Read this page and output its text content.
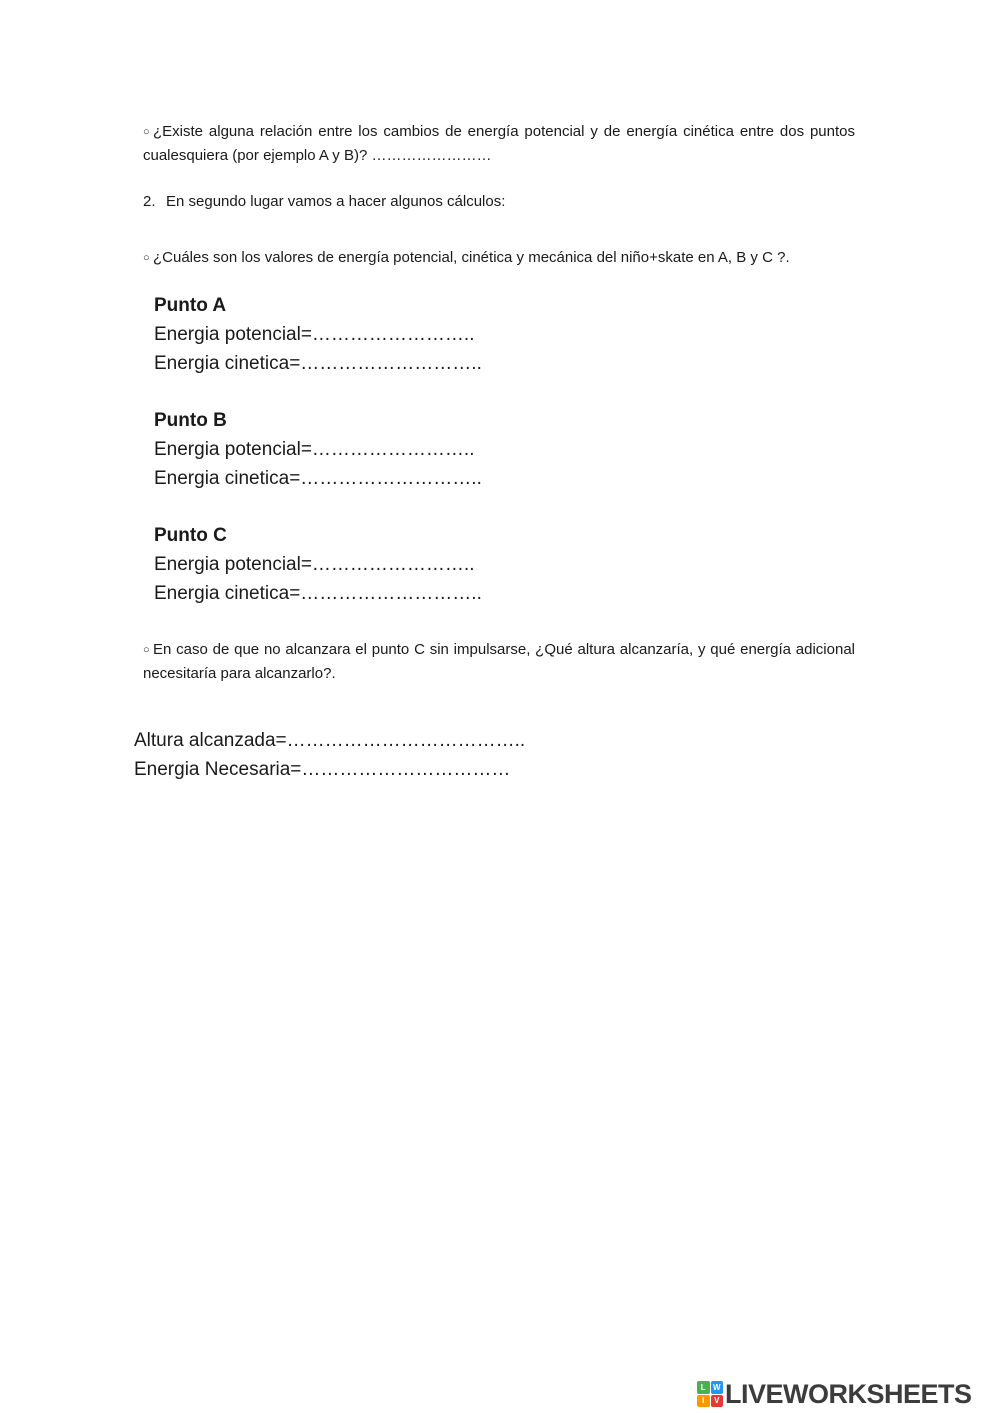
○ ¿Existe alguna relación entre los cambios de energía potencial y de energía cinética entre dos puntos cualesquiera (por ejemplo A y B)? ……………………
2. En segundo lugar vamos a hacer algunos cálculos:
○ ¿Cuáles son los valores de energía potencial, cinética y mecánica del niño+skate en A, B y C ?.
Punto A
Energia potencial=……………………..
Energia cinetica=………………………..
Punto B
Energia potencial=……………………..
Energia cinetica=………………………..
Punto C
Energia potencial=……………………..
Energia cinetica=………………………..
○ En caso de que no alcanzara el punto C sin impulsarse, ¿Qué altura alcanzaría, y qué energía adicional necesitaría para alcanzarlo?.
Altura alcanzada=………………………………..
Energia Necesaria=……………………………
L W
I	V LIVEWORKSHEETS
